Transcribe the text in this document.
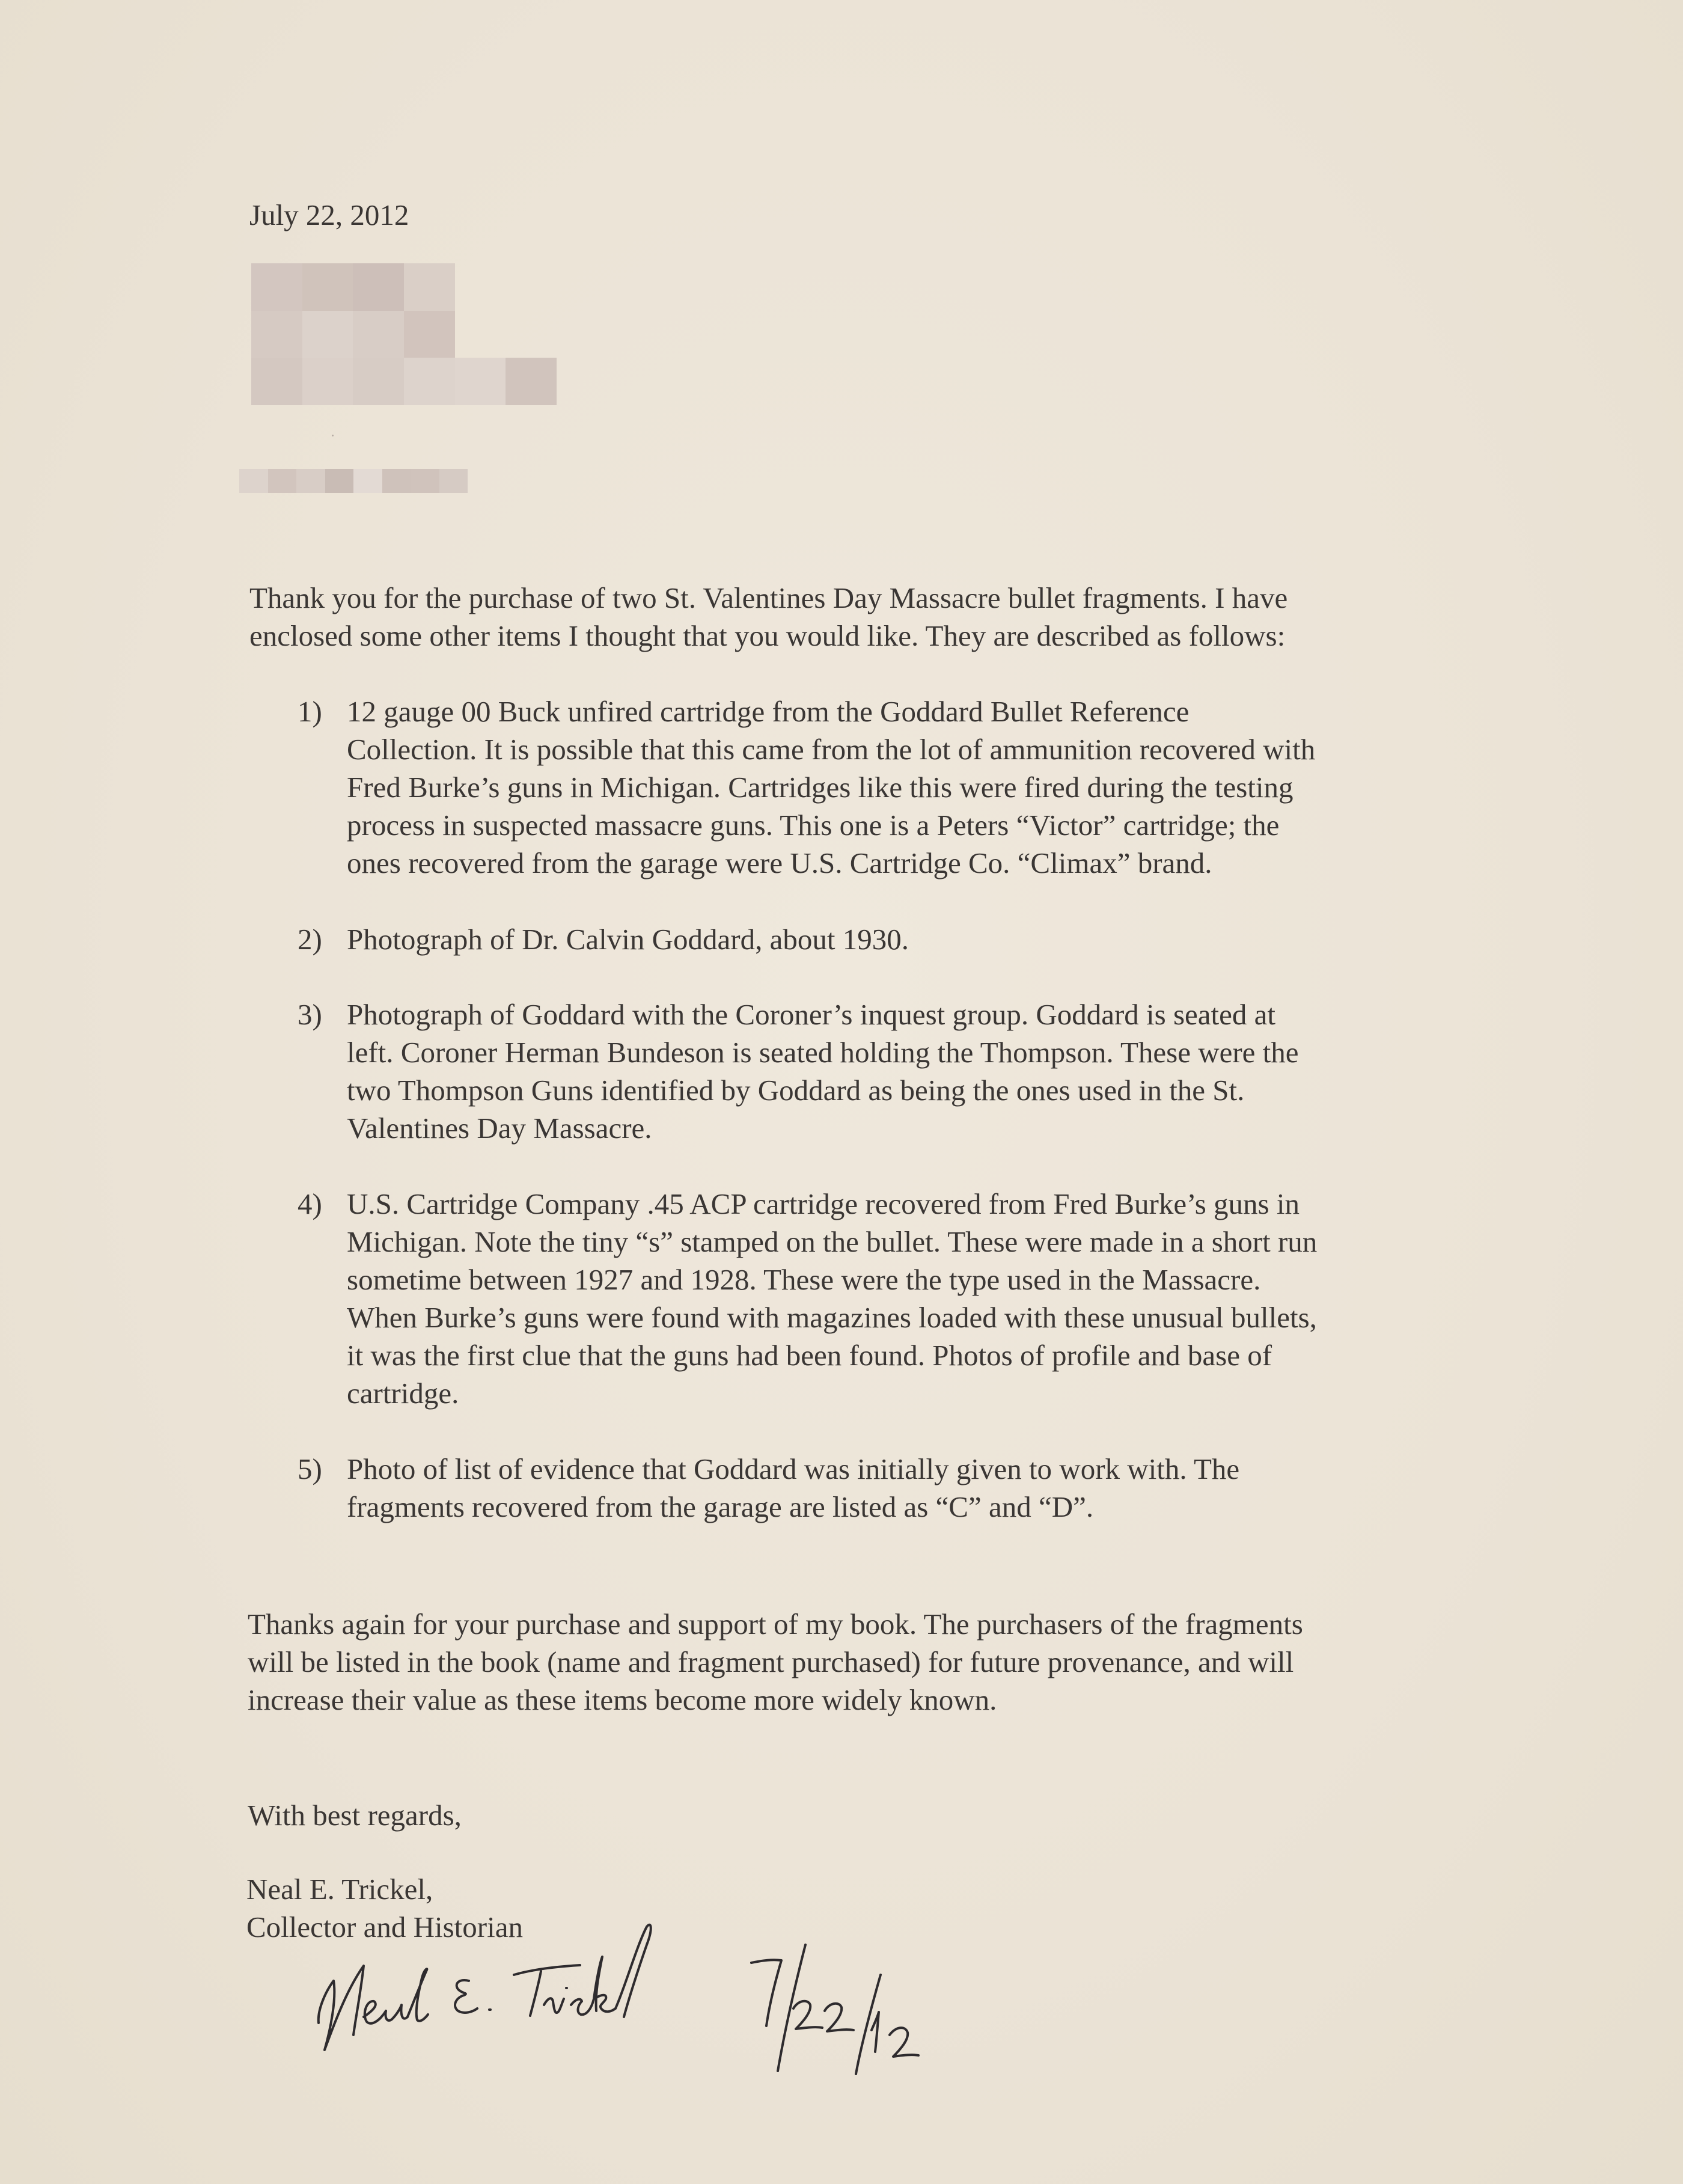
July 22, 2012

Thank you for the purchase of two St. Valentines Day Massacre bullet fragments. I have
enclosed some other items I thought that you would like. They are described as follows:
1) 12 gauge 00 Buck unfired cartridge from the Goddard Bullet Reference
Collection. It is possible that this came from the lot of ammunition recovered with
Fred Burke’s guns in Michigan. Cartridges like this were fired during the testing
process in suspected massacre guns. This one is a Peters “Victor” cartridge; the
ones recovered from the garage were U.S. Cartridge Co. “Climax” brand.
2) Photograph of Dr. Calvin Goddard, about 1930.
3) Photograph of Goddard with the Coroner’s inquest group. Goddard is seated at
left. Coroner Herman Bundeson is seated holding the Thompson. These were the
two Thompson Guns identified by Goddard as being the ones used in the St.
Valentines Day Massacre.
4) U.S. Cartridge Company .45 ACP cartridge recovered from Fred Burke’s guns in
Michigan. Note the tiny “s” stamped on the bullet. These were made in a short run
sometime between 1927 and 1928. These were the type used in the Massacre.
When Burke’s guns were found with magazines loaded with these unusual bullets,
it was the first clue that the guns had been found. Photos of profile and base of
cartridge.
5) Photo of list of evidence that Goddard was initially given to work with. The
fragments recovered from the garage are listed as “C” and “D”.
Thanks again for your purchase and support of my book. The purchasers of the fragments
will be listed in the book (name and fragment purchased) for future provenance, and will
increase their value as these items become more widely known.

With best regards,

Neal E. Trickel,

Collector and Historian
